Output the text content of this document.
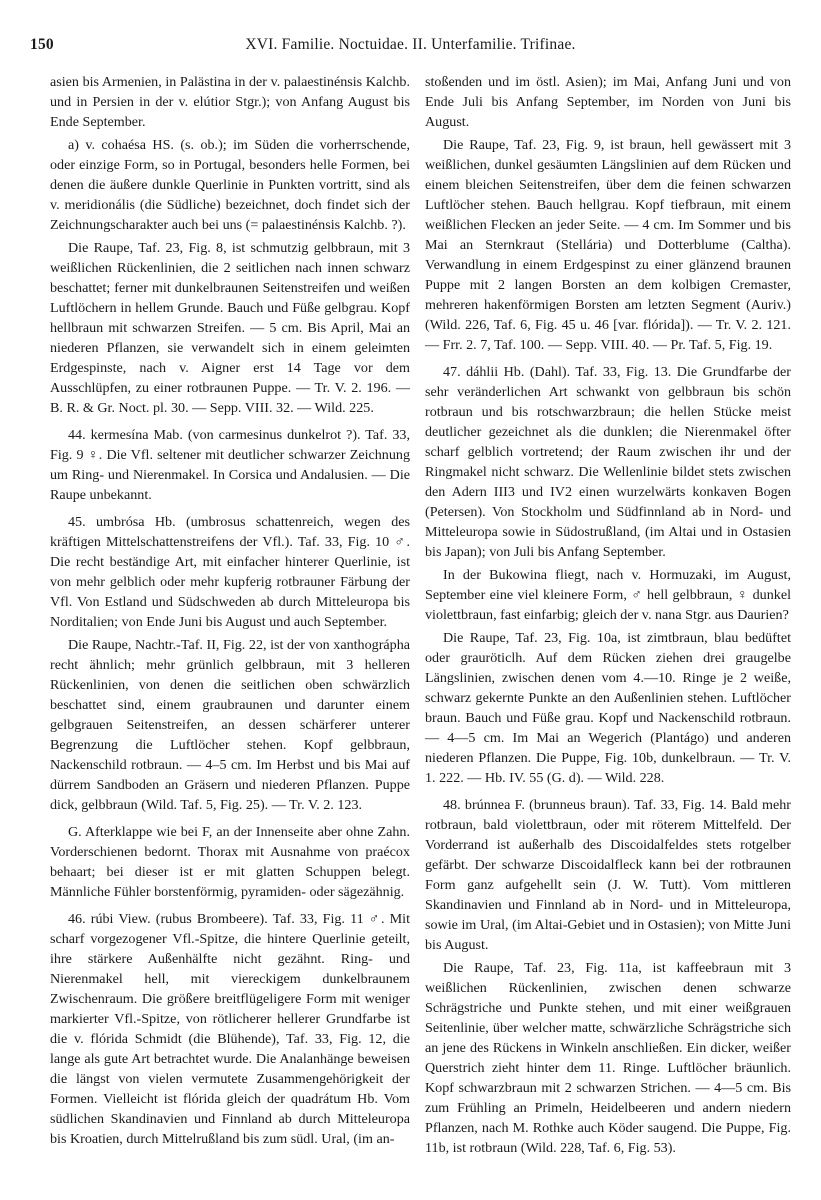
150	XVI. Familie. Noctuidae. II. Unterfamilie. Trifinae.

asien bis Armenien, in Palästina in der v. palaestinénsis Kalchb. und in Persien in der v. elútior Stgr.); von Anfang August bis Ende September.

a) v. cohaésa HS. (s. ob.); im Süden die vorherrschende, oder einzige Form, so in Portugal, besonders helle Formen, bei denen die äußere dunkle Querlinie in Punkten vortritt, sind als v. meridionális (die Südliche) bezeichnet, doch findet sich der Zeichnungscharakter auch bei uns (= palaestinénsis Kalchb. ?).

Die Raupe, Taf. 23, Fig. 8, ist schmutzig gelbbraun, mit 3 weißlichen Rückenlinien, die 2 seitlichen nach innen schwarz beschattet; ferner mit dunkelbraunen Seitenstreifen und weißen Luftlöchern in hellem Grunde. Bauch und Füße gelbgrau. Kopf hellbraun mit schwarzen Streifen. — 5 cm. Bis April, Mai an niederen Pflanzen, sie verwandelt sich in einem geleimten Erdgespinste, nach v. Aigner erst 14 Tage vor dem Ausschlüpfen, zu einer rotbraunen Puppe. — Tr. V. 2. 196. — B. R. & Gr. Noct. pl. 30. — Sepp. VIII. 32. — Wild. 225.

44. kermesína Mab. (von carmesinus dunkelrot ?). Taf. 33, Fig. 9 ♀. Die Vfl. seltener mit deutlicher schwarzer Zeichnung um Ring- und Nierenmakel. In Corsica und Andalusien. — Die Raupe unbekannt.

45. umbrósa Hb. (umbrosus schattenreich, wegen des kräftigen Mittelschattenstreifens der Vfl.). Taf. 33, Fig. 10 ♂. Die recht beständige Art, mit einfacher hinterer Querlinie, ist von mehr gelblich oder mehr kupferig rotbrauner Färbung der Vfl. Von Estland und Südschweden ab durch Mitteleuropa bis Norditalien; von Ende Juni bis August und auch September.

Die Raupe, Nachtr.-Taf. II, Fig. 22, ist der von xanthográpha recht ähnlich; mehr grünlich gelbbraun, mit 3 helleren Rückenlinien, von denen die seitlichen oben schwärzlich beschattet sind, einem graubraunen und darunter einem gelbgrauen Seitenstreifen, an dessen schärferer unterer Begrenzung die Luftlöcher stehen. Kopf gelbbraun, Nackenschild rotbraun. — 4–5 cm. Im Herbst und bis Mai auf dürrem Sandboden an Gräsern und niederen Pflanzen. Puppe dick, gelbbraun (Wild. Taf. 5, Fig. 25). — Tr. V. 2. 123.

G. Afterklappe wie bei F, an der Innenseite aber ohne Zahn. Vorderschienen bedornt. Thorax mit Ausnahme von praécox behaart; bei dieser ist er mit glatten Schuppen belegt. Männliche Fühler borstenförmig, pyramiden- oder sägezähnig.

46. rúbi View. (rubus Brombeere). Taf. 33, Fig. 11 ♂. Mit scharf vorgezogener Vfl.-Spitze, die hintere Querlinie geteilt, ihre stärkere Außenhälfte nicht gezähnt. Ring- und Nierenmakel hell, mit viereckigem dunkelbraunem Zwischenraum. Die größere breitflügeligere Form mit weniger markierter Vfl.-Spitze, von rötlicherer hellerer Grundfarbe ist die v. flórida Schmidt (die Blühende), Taf. 33, Fig. 12, die lange als gute Art betrachtet wurde. Die Analanhänge beweisen die längst von vielen vermutete Zusammengehörigkeit der Formen. Vielleicht ist flórida gleich der quadrátum Hb. Vom südlichen Skandinavien und Finnland ab durch Mitteleuropa bis Kroatien, durch Mittelrußland bis zum südl. Ural, (im an-

stoßenden und im östl. Asien); im Mai, Anfang Juni und von Ende Juli bis Anfang September, im Norden von Juni bis August.

Die Raupe, Taf. 23, Fig. 9, ist braun, hell gewässert mit 3 weißlichen, dunkel gesäumten Längslinien auf dem Rücken und einem bleichen Seitenstreifen, über dem die feinen schwarzen Luftlöcher stehen. Bauch hellgrau. Kopf tiefbraun, mit einem weißlichen Flecken an jeder Seite. — 4 cm. Im Sommer und bis Mai an Sternkraut (Stellária) und Dotterblume (Caltha). Verwandlung in einem Erdgespinst zu einer glänzend braunen Puppe mit 2 langen Borsten an dem kolbigen Cremaster, mehreren hakenförmigen Borsten am letzten Segment (Auriv.) (Wild. 226, Taf. 6, Fig. 45 u. 46 [var. flórida]). — Tr. V. 2. 121. — Frr. 2. 7, Taf. 100. — Sepp. VIII. 40. — Pr. Taf. 5, Fig. 19.

47. dáhlii Hb. (Dahl). Taf. 33, Fig. 13. Die Grundfarbe der sehr veränderlichen Art schwankt von gelbbraun bis schön rotbraun und bis rotschwarzbraun; die hellen Stücke meist deutlicher gezeichnet als die dunklen; die Nierenmakel öfter scharf gelblich vortretend; der Raum zwischen ihr und der Ringmakel nicht schwarz. Die Wellenlinie bildet stets zwischen den Adern III3 und IV2 einen wurzelwärts konkaven Bogen (Petersen). Von Stockholm und Südfinnland ab in Nord- und Mitteleuropa sowie in Südostrußland, (im Altai und in Ostasien bis Japan); von Juli bis Anfang September.

In der Bukowina fliegt, nach v. Hormuzaki, im August, September eine viel kleinere Form, ♂ hell gelbbraun, ♀ dunkel violettbraun, fast einfarbig; gleich der v. nana Stgr. aus Daurien?

Die Raupe, Taf. 23, Fig. 10a, ist zimtbraun, blau bedüftet oder grauröticlh. Auf dem Rücken ziehen drei graugelbe Längslinien, zwischen denen vom 4.—10. Ringe je 2 weiße, schwarz gekernte Punkte an den Außenlinien stehen. Luftlöcher braun. Bauch und Füße grau. Kopf und Nackenschild rotbraun. — 4—5 cm. Im Mai an Wegerich (Plantágo) und anderen niederen Pflanzen. Die Puppe, Fig. 10b, dunkelbraun. — Tr. V. 1. 222. — Hb. IV. 55 (G. d). — Wild. 228.

48. brúnnea F. (brunneus braun). Taf. 33, Fig. 14. Bald mehr rotbraun, bald violettbraun, oder mit röterem Mittelfeld. Der Vorderrand ist außerhalb des Discoidalfeldes stets rotgelber gefärbt. Der schwarze Discoidalfleck kann bei der rotbraunen Form ganz aufgehellt sein (J. W. Tutt). Vom mittleren Skandinavien und Finnland ab in Nord- und in Mitteleuropa, sowie im Ural, (im Altai-Gebiet und in Ostasien); von Mitte Juni bis August.

Die Raupe, Taf. 23, Fig. 11a, ist kaffeebraun mit 3 weißlichen Rückenlinien, zwischen denen schwarze Schrägstriche und Punkte stehen, und mit einer weißgrauen Seitenlinie, über welcher matte, schwärzliche Schrägstriche sich an jene des Rückens in Winkeln anschließen. Ein dicker, weißer Querstrich zieht hinter dem 11. Ringe. Luftlöcher bräunlich. Kopf schwarzbraun mit 2 schwarzen Strichen. — 4—5 cm. Bis zum Frühling an Primeln, Heidelbeeren und andern niedern Pflanzen, nach M. Rothke auch Köder saugend. Die Puppe, Fig. 11b, ist rotbraun (Wild. 228, Taf. 6, Fig. 53).
